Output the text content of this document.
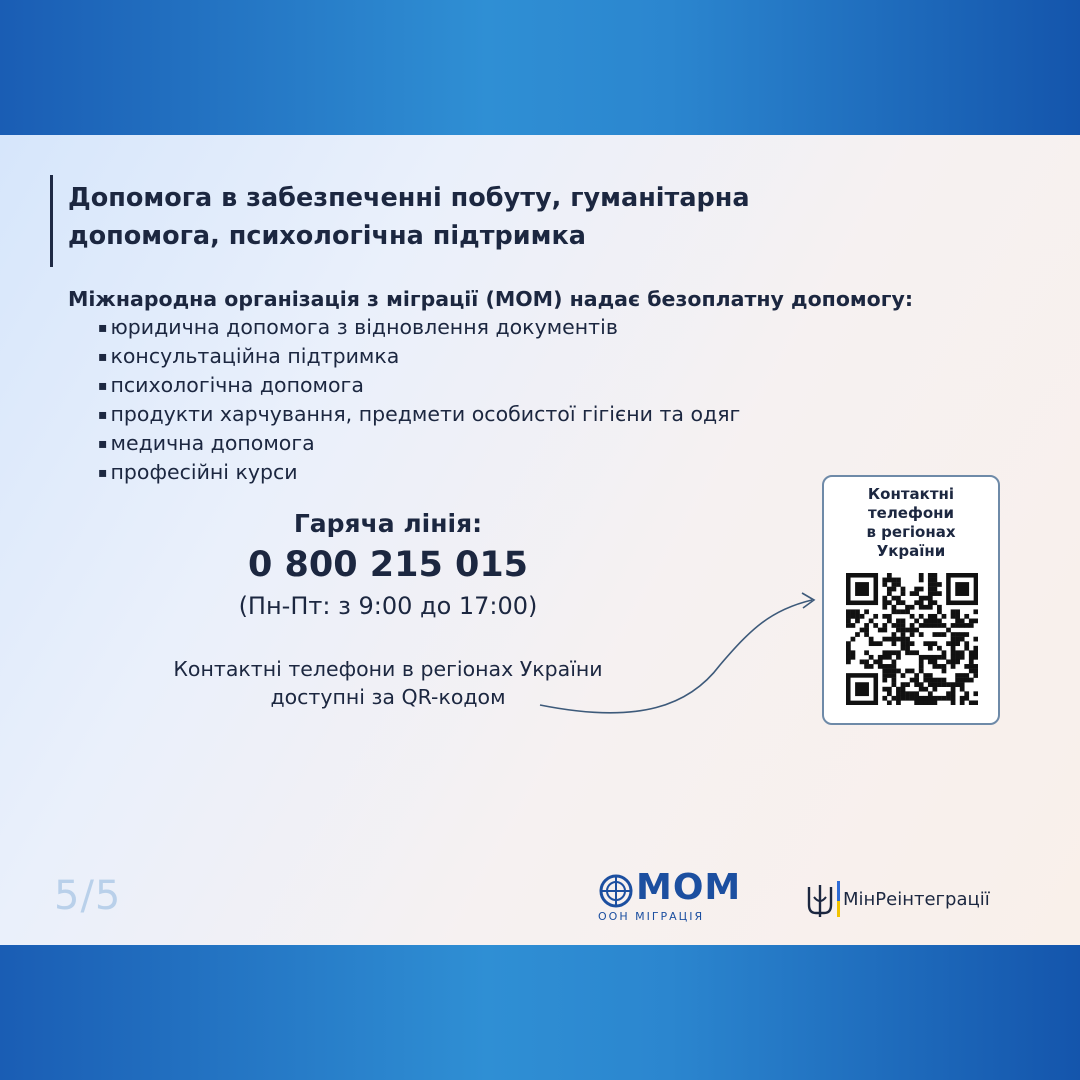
Допомога в забезпеченні побуту, гуманітарна
допомога, психологічна підтримка

Міжнародна організація з міграції (МОМ) надає безоплатну допомогу:

▪ юридична допомога з відновлення документів
▪ консультаційна підтримка
▪ психологічна допомога
▪ продукти харчування, предмети особистої гігієни та одяг
▪ медична допомога
▪ професійні курси
Гаряча лінія:
0 800 215 015
(Пн-Пт: з 9:00 до 17:00)
Контактні телефони в регіонах України
доступні за QR-кодом
Контактні
телефони
в регіонах
України
5/5	МОМ
ООН МІГРАЦІЯ
МінРеінтеграції
